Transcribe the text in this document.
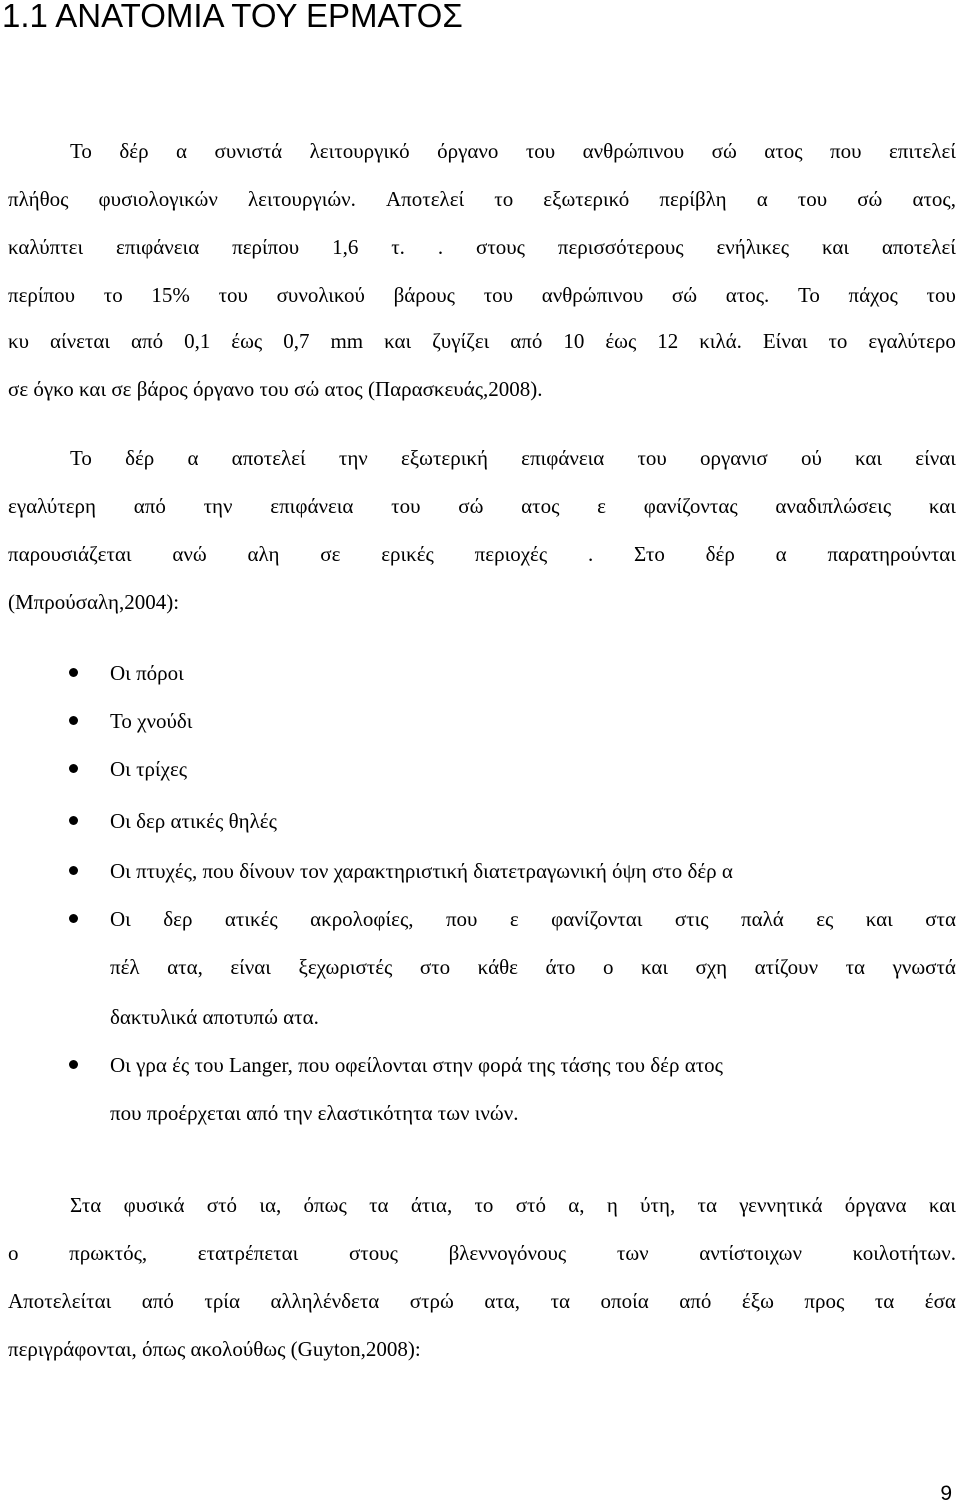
1.1 ΑΝΑΤΟΜΙΑ ΤΟΥ ΕΡΜΑΤΟΣ
Το δέρ α συνιστά λειτουργικό όργανο του ανθρώπινου σώ ατος που επιτελεί
πλήθος φυσιολογικών λειτουργιών. Αποτελεί το εξωτερικό περίβλη α του σώ ατος,
καλύπτει επιφάνεια περίπου 1,6 τ. . στους περισσότερους ενήλικες και αποτελεί
περίπου το 15% του συνολικού βάρους του ανθρώπινου σώ ατος. Το πάχος του
κυ αίνεται από 0,1 έως 0,7 mm και ζυγίζει από 10 έως 12 κιλά. Είναι το εγαλύτερο
σε όγκο και σε βάρος όργανο του σώ ατος (Παρασκευάς,2008).
Το δέρ α αποτελεί την εξωτερική επιφάνεια του οργανισ ού και είναι
εγαλύτερη από την επιφάνεια του σώ ατος ε φανίζοντας αναδιπλώσεις και
παρουσιάζεται ανώ αλη σε ερικές περιοχές . Στο δέρ α παρατηρούνται
(Μπρούσαλη,2004):
Οι πόροι
Το χνούδι
Οι τρίχες
Οι δερ ατικές θηλές
Οι πτυχές, που δίνουν τον χαρακτηριστική διατετραγωνική όψη στο δέρ α
Οι δερ ατικές ακρολοφίες, που ε φανίζονται στις παλά ες και στα
πέλ ατα, είναι ξεχωριστές στο κάθε άτο ο και σχη ατίζουν τα γνωστά
δακτυλικά αποτυπώ ατα.
Οι γρα ές του Langer, που οφείλονται στην φορά της τάσης του δέρ ατος
που προέρχεται από την ελαστικότητα των ινών.
Στα φυσικά στό ια, όπως τα άτια, το στό α, η ύτη, τα γεννητικά όργανα και
ο πρωκτός, ετατρέπεται στους βλεννογόνους των αντίστοιχων κοιλοτήτων.
Αποτελείται από τρία αλληλένδετα στρώ ατα, τα οποία από έξω προς τα έσα
περιγράφονται, όπως ακολούθως (Guyton,2008):
9
